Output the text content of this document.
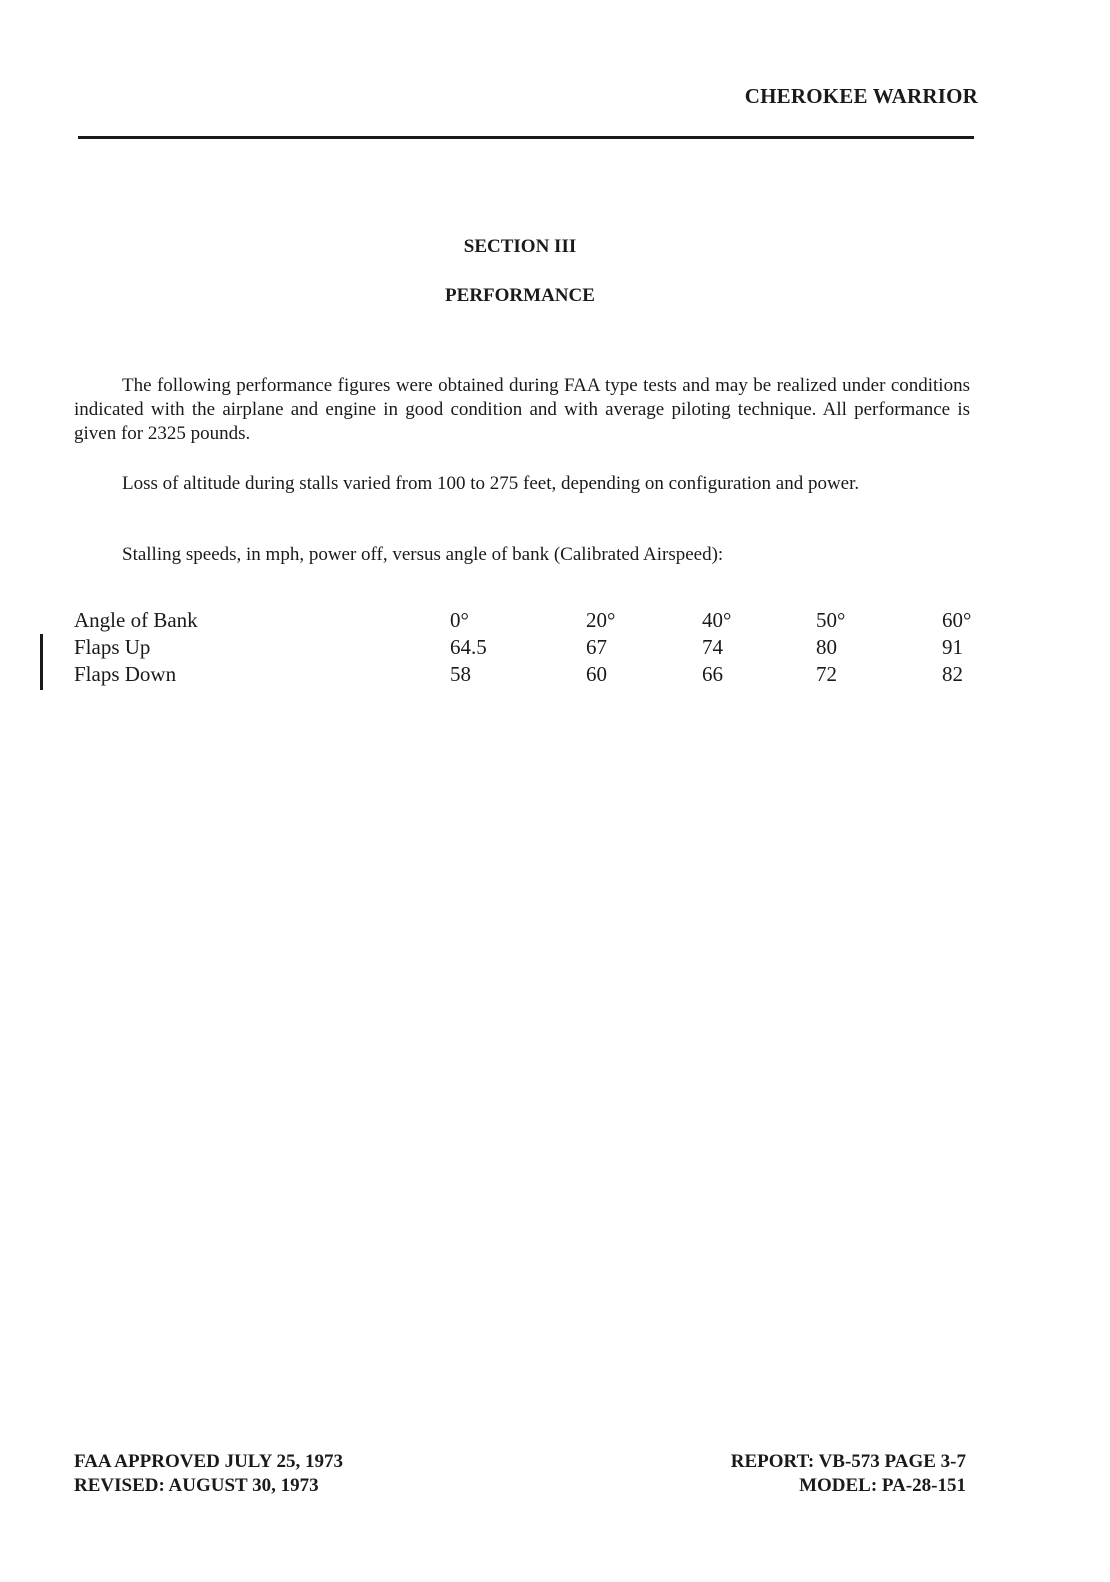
CHEROKEE WARRIOR
SECTION III
PERFORMANCE

The following performance figures were obtained during FAA type tests and may be realized under conditions indicated with the airplane and engine in good condition and with average piloting technique. All performance is given for 2325 pounds.

Loss of altitude during stalls varied from 100 to 275 feet, depending on configuration and power.

Stalling speeds, in mph, power off, versus angle of bank (Calibrated Airspeed):

Angle of Bank	0°	20°	40°	50°	60°
Flaps Up	64.5	67	74	80	91
Flaps Down	58	60	66	72	82
FAA APPROVED JULY 25, 1973
REVISED: AUGUST 30, 1973
REPORT: VB-573 PAGE 3-7
MODEL: PA-28-151
